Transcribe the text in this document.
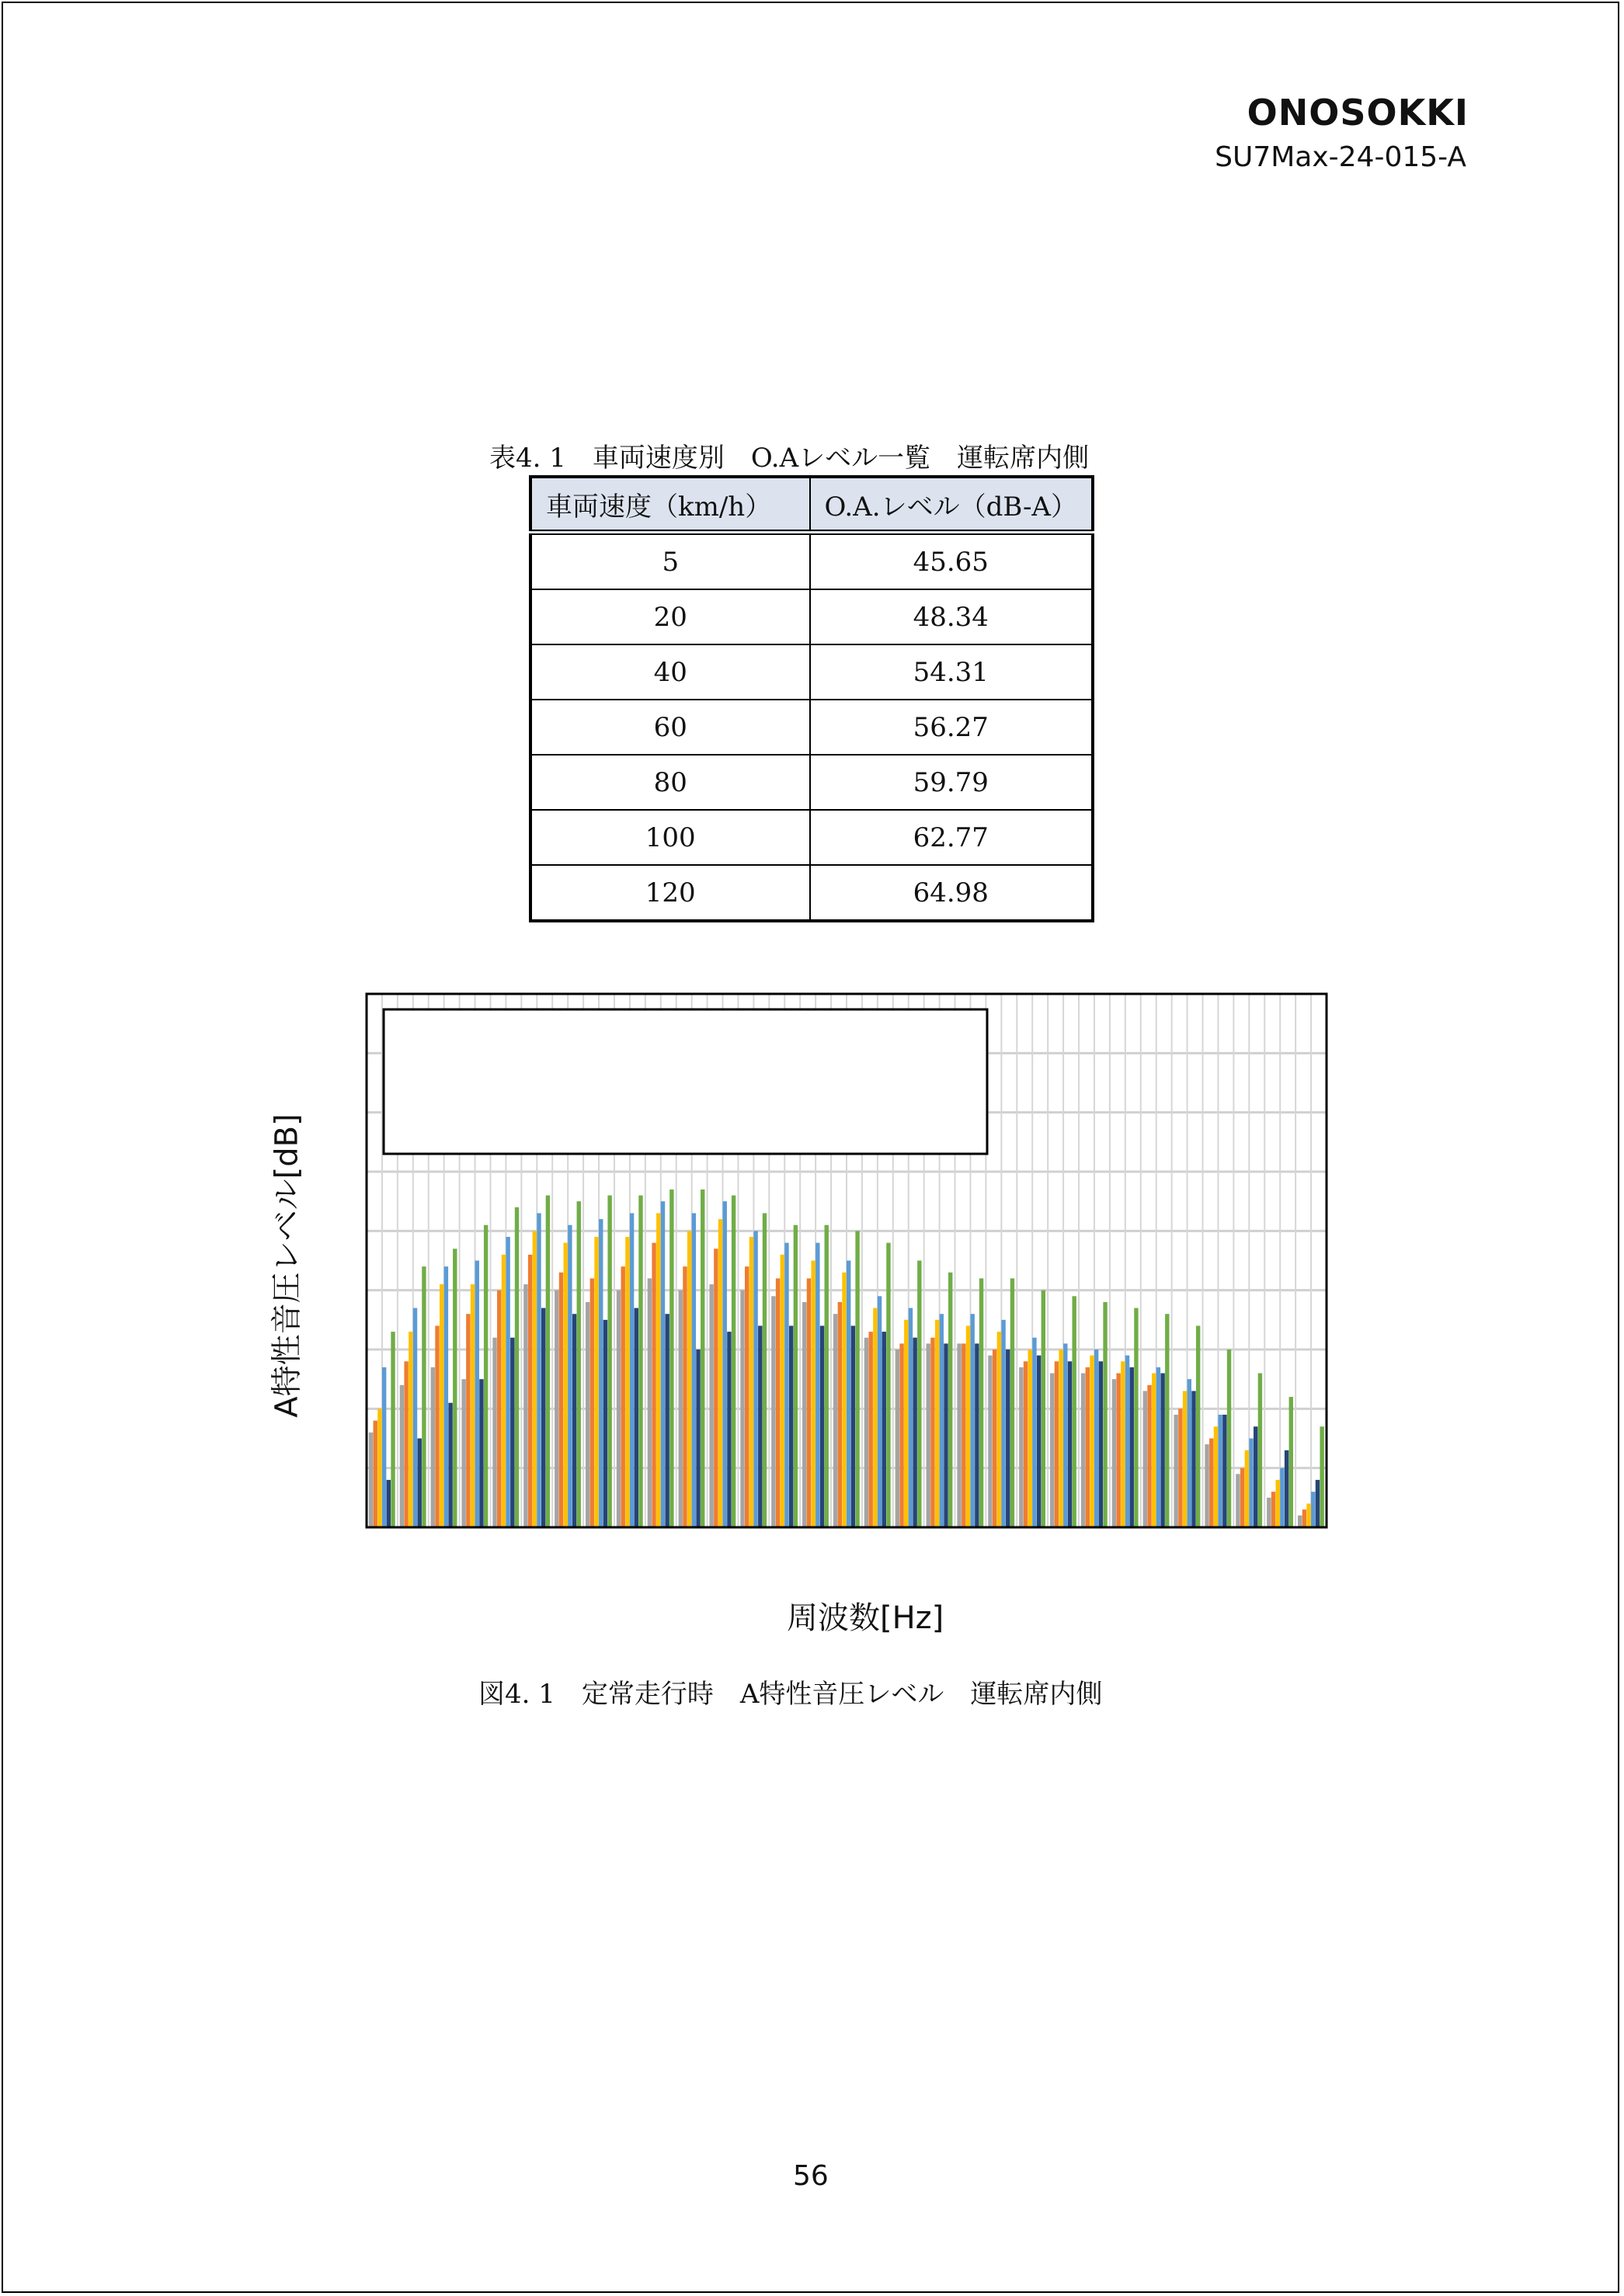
ONOSOKKI
SU7Max-24-015-A
表4. 1　車両速度別　O.Aレベル一覧　運転席内側
車両速度（km/h）	O.A.レベル（dB-A）
5	45.65
20	48.34
40	54.31
60	56.27
80	59.79
100	62.77
120	64.98
A特性音圧レベル[dB]
周波数[Hz]
図4. 1　定常走行時　A特性音圧レベル　運転席内側
56
